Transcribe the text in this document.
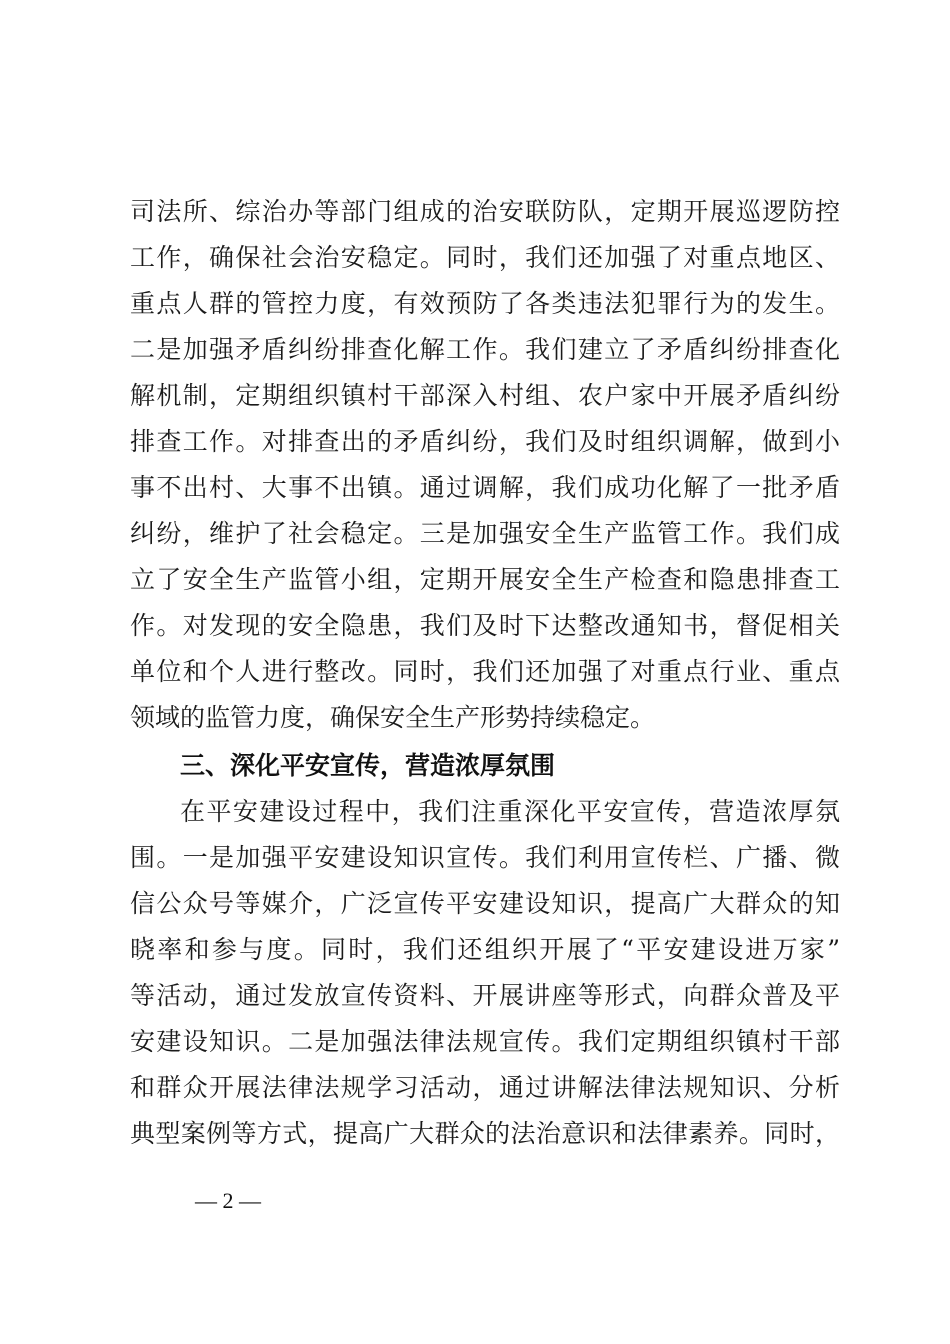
司法所、综治办等部门组成的治安联防队，定期开展巡逻防控
工作，确保社会治安稳定。同时，我们还加强了对重点地区、
重点人群的管控力度，有效预防了各类违法犯罪行为的发生。
二是加强矛盾纠纷排查化解工作。我们建立了矛盾纠纷排查化
解机制，定期组织镇村干部深入村组、农户家中开展矛盾纠纷
排查工作。对排查出的矛盾纠纷，我们及时组织调解，做到小
事不出村、大事不出镇。通过调解，我们成功化解了一批矛盾
纠纷，维护了社会稳定。三是加强安全生产监管工作。我们成
立了安全生产监管小组，定期开展安全生产检查和隐患排查工
作。对发现的安全隐患，我们及时下达整改通知书，督促相关
单位和个人进行整改。同时，我们还加强了对重点行业、重点
领域的监管力度，确保安全生产形势持续稳定。
三、深化平安宣传，营造浓厚氛围
在平安建设过程中，我们注重深化平安宣传，营造浓厚氛
围。一是加强平安建设知识宣传。我们利用宣传栏、广播、微
信公众号等媒介，广泛宣传平安建设知识，提高广大群众的知
晓率和参与度。同时，我们还组织开展了“平安建设进万家”
等活动，通过发放宣传资料、开展讲座等形式，向群众普及平
安建设知识。二是加强法律法规宣传。我们定期组织镇村干部
和群众开展法律法规学习活动，通过讲解法律法规知识、分析
典型案例等方式，提高广大群众的法治意识和法律素养。同时，
— 2 —
